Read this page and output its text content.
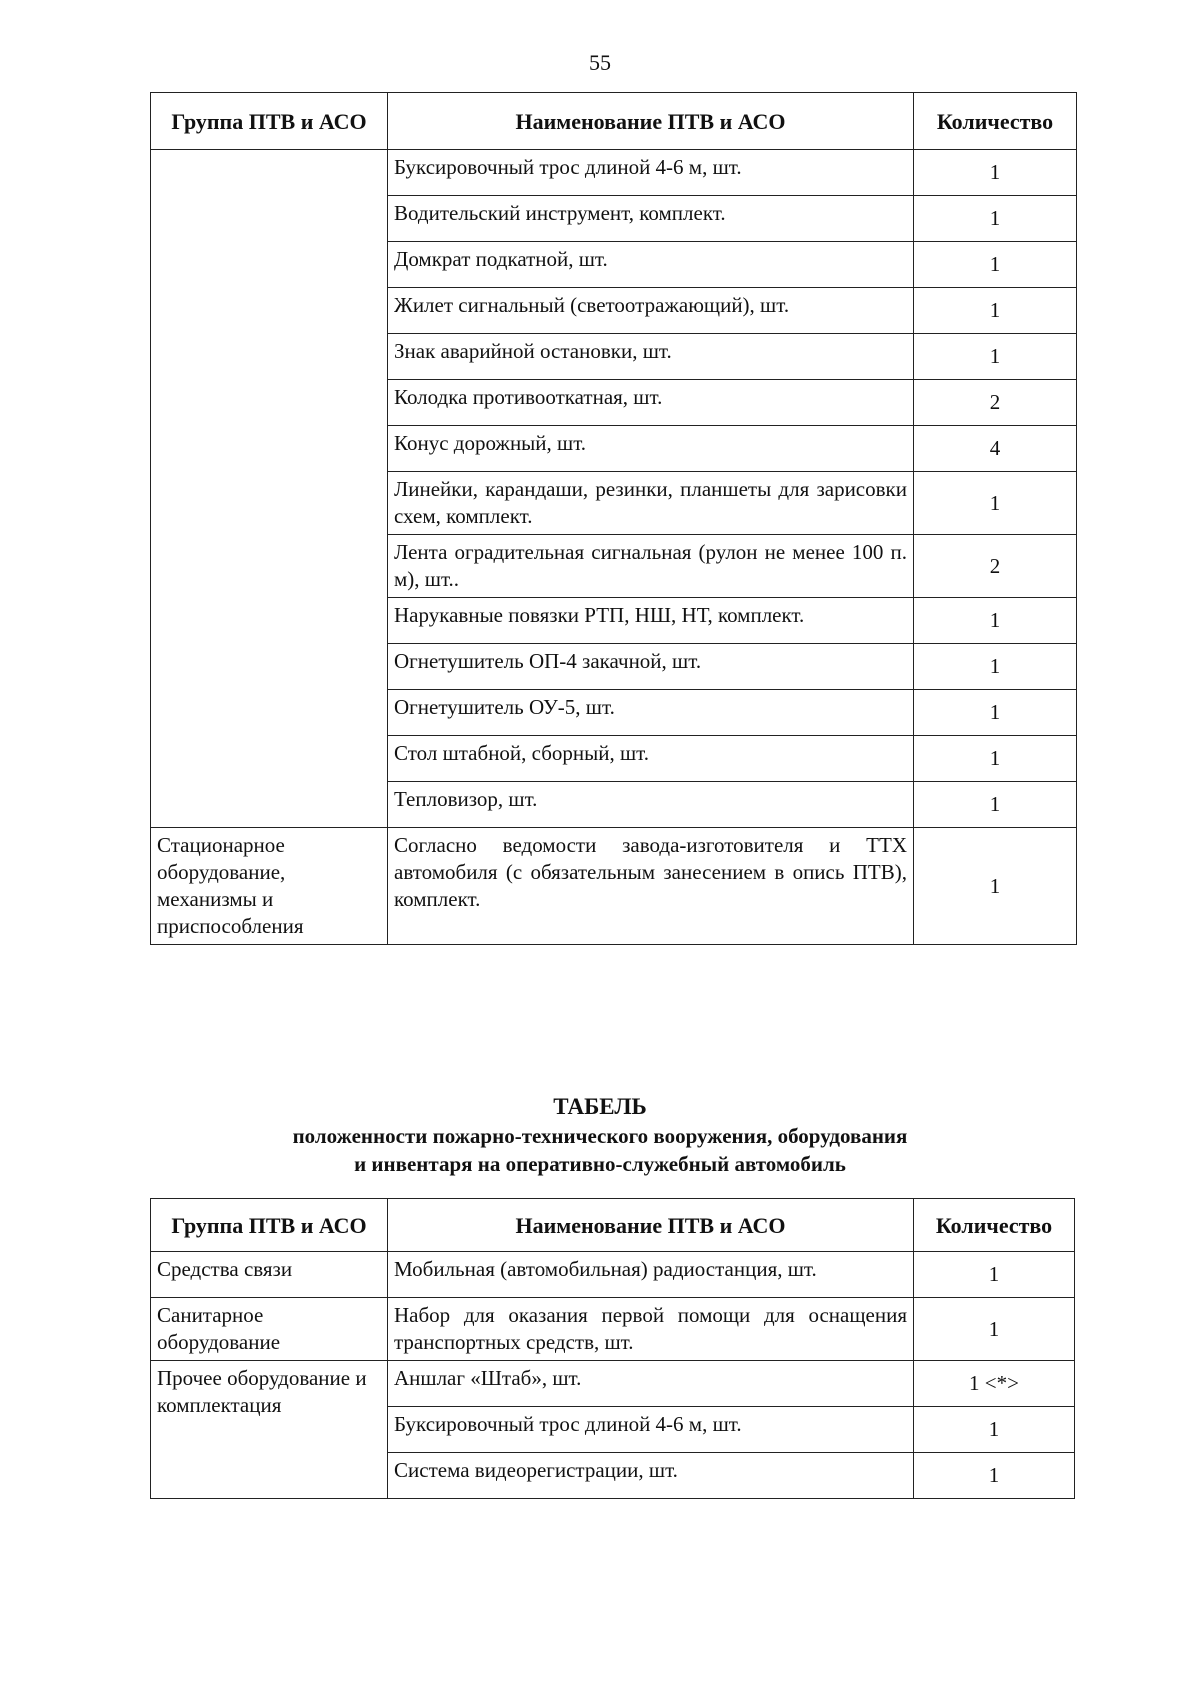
55
Группа ПТВ и АСО	Наименование ПТВ и АСО	Количество
	Буксировочный трос длиной 4-6 м, шт.	1
	Водительский инструмент, комплект.	1
	Домкрат подкатной, шт.	1
	Жилет сигнальный (светоотражающий), шт.	1
	Знак аварийной остановки, шт.	1
	Колодка противооткатная, шт.	2
	Конус дорожный, шт.	4
	Линейки, карандаши, резинки, планшеты для зарисовки схем, комплект.	1
	Лента оградительная сигнальная (рулон не менее 100 п. м), шт..	2
	Нарукавные повязки РТП, НШ, НТ, комплект.	1
	Огнетушитель ОП-4 закачной, шт.	1
	Огнетушитель ОУ-5, шт.	1
	Стол штабной, сборный, шт.	1
	Тепловизор, шт.	1
Стационарное оборудование, механизмы и приспособления	Согласно ведомости завода-изготовителя и ТТХ автомобиля (с обязательным занесением в опись ПТВ), комплект.	1
ТАБЕЛЬ
положенности пожарно-технического вооружения, оборудования
и инвентаря на оперативно-служебный автомобиль
Группа ПТВ и АСО	Наименование ПТВ и АСО	Количество
Средства связи	Мобильная (автомобильная) радиостанция, шт.	1
Санитарное оборудование	Набор для оказания первой помощи для оснащения транспортных средств, шт.	1
Прочее оборудование и комплектация	Аншлаг «Штаб», шт.	1 <*>
	Буксировочный трос длиной 4-6 м, шт.	1
	Система видеорегистрации, шт.	1
